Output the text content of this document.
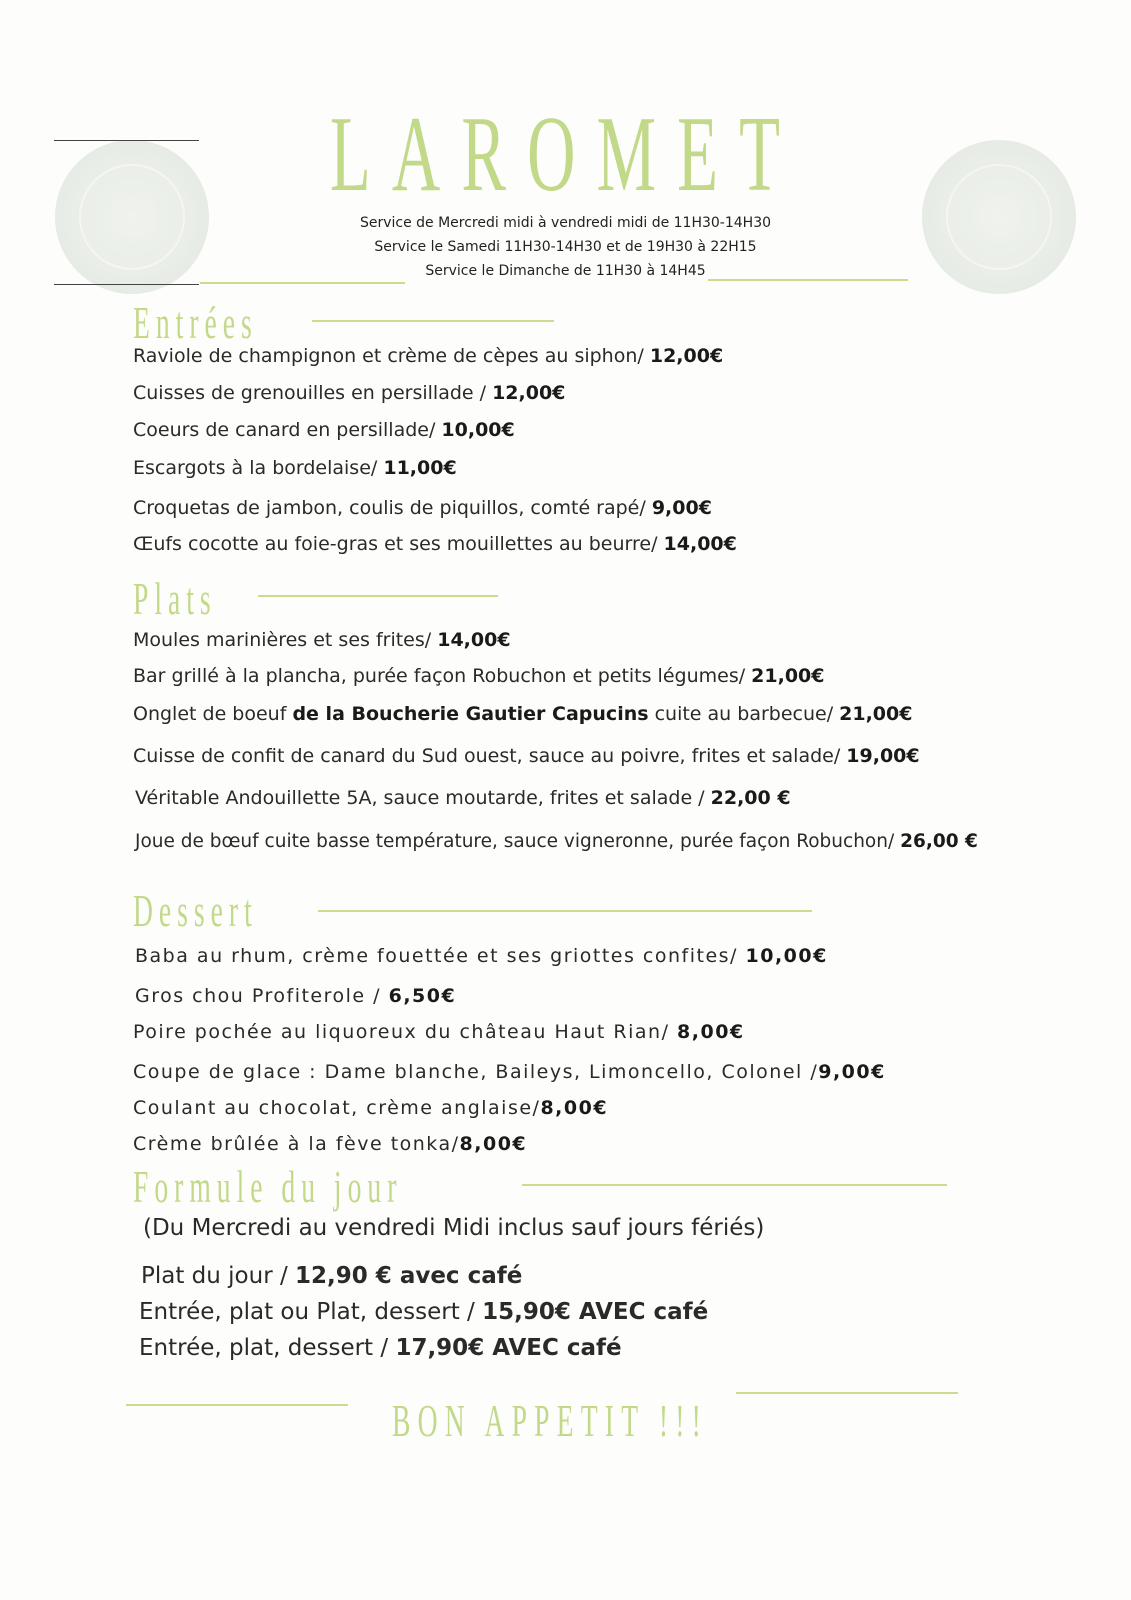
LAROMET
Service de Mercredi midi à vendredi midi de 11H30-14H30
Service le Samedi 11H30-14H30 et de 19H30 à 22H15
Service le Dimanche de 11H30 à 14H45
Entrées
Raviole de champignon et crème de cèpes au siphon/ 12,00€
Cuisses de grenouilles en persillade / 12,00€
Coeurs de canard en persillade/ 10,00€
Escargots à la bordelaise/ 11,00€
Croquetas de jambon, coulis de piquillos, comté rapé/ 9,00€
Œufs cocotte au foie-gras et ses mouillettes au beurre/ 14,00€
Plats
Moules marinières et ses frites/ 14,00€
Bar grillé à la plancha, purée façon Robuchon et petits légumes/ 21,00€
Onglet de boeuf de la Boucherie Gautier Capucins cuite au barbecue/ 21,00€
Cuisse de confit de canard du Sud ouest, sauce au poivre, frites et salade/ 19,00€
Véritable Andouillette 5A, sauce moutarde, frites et salade / 22,00 €
Joue de bœuf cuite basse température, sauce vigneronne, purée façon Robuchon/ 26,00 €
Dessert
Baba au rhum, crème fouettée et ses griottes confites/ 10,00€
Gros chou Profiterole / 6,50€
Poire pochée au liquoreux du château Haut Rian/ 8,00€
Coupe de glace : Dame blanche, Baileys, Limoncello, Colonel /9,00€
Coulant au chocolat, crème anglaise/8,00€
Crème brûlée à la fève tonka/8,00€
Formule du jour
(Du Mercredi au vendredi Midi inclus sauf jours fériés)
Plat du jour / 12,90 € avec café
Entrée, plat ou Plat, dessert / 15,90€ AVEC café
Entrée, plat, dessert / 17,90€ AVEC café
BON APPETIT !!!
